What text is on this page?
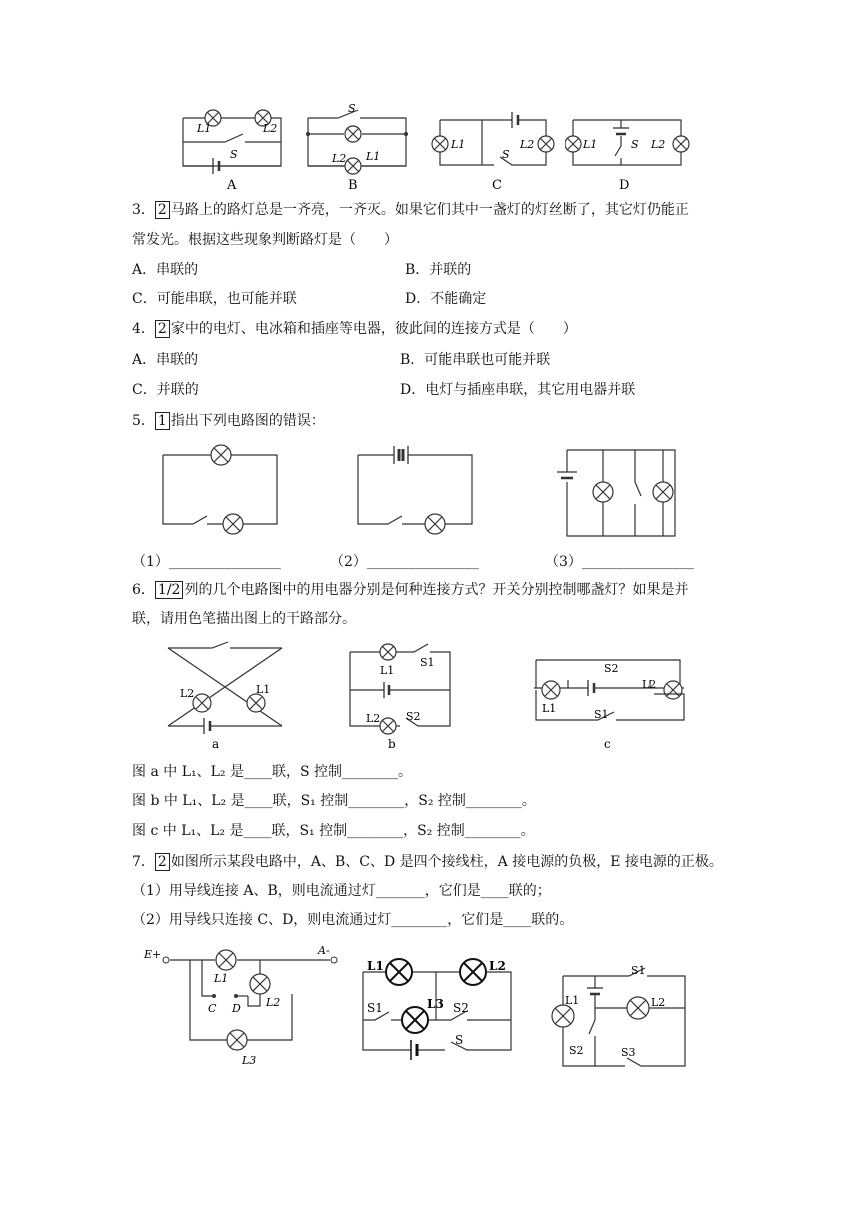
L1	L2
S
A
S
L2 L1
B
L1	L2
S
C
L1	L2
S
D
3． 2 马路上的路灯总是一齐亮，一齐灭。如果它们其中一盏灯的灯丝断了，其它灯仍能正
常发光。根据这些现象判断路灯是（　　）
A．串联的	B．并联的
C．可能串联，也可能并联	D．不能确定
4． 2 家中的电灯、电冰箱和插座等电器，彼此间的连接方式是（　　）
A．串联的	B．可能串联也可能并联
C．并联的	D．电灯与插座串联，其它用电器并联
5． 1 指出下列电路图的错误：
（1）________________	（2）________________	（3）________________
6． 1/2 列的几个电路图中的用电器分别是何种连接方式？开关分别控制哪盏灯？如果是并
联，请用色笔描出图上的干路部分。
L2	L1
a
L1
S1
L2 S2
b
S2
L2
L1	S1
c
图 a 中 L₁、L₂ 是____联，S 控制________。
图 b 中 L₁、L₂ 是____联，S₁ 控制________，S₂ 控制________。
图 c 中 L₁、L₂ 是____联，S₁ 控制________，S₂ 控制________。
7． 2 如图所示某段电路中，A、B、C、D 是四个接线柱，A 接电源的负极，E 接电源的正极。
（1）用导线连接 A、B，则电流通过灯_______，它们是____联的；
（2）用导线只连接 C、D，则电流通过灯________，它们是____联的。
E+	A-
L1
L2
L3
C D
L1	L2
L3
S1	S2
S
L1	L2
S1
S2	S3
